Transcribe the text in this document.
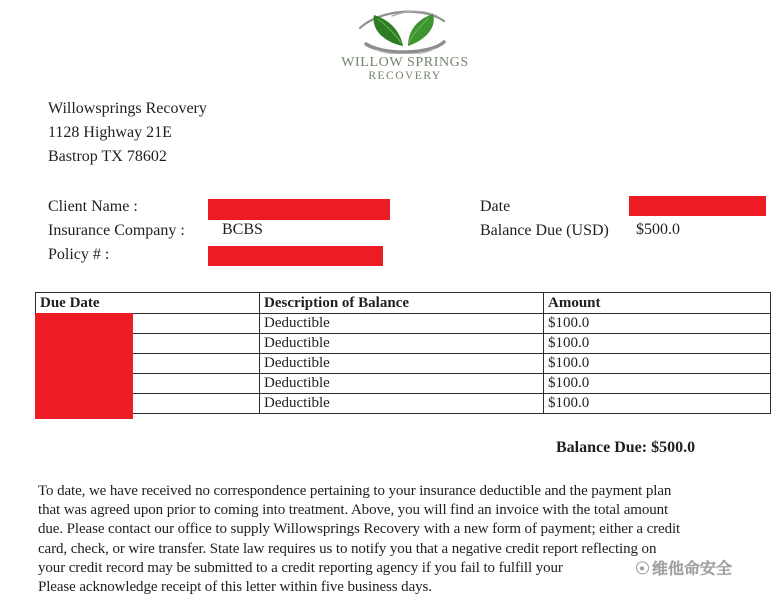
WILLOW SPRINGS
RECOVERY
Willowsprings Recovery
1128 Highway 21E
Bastrop TX 78602
Client Name :
Insurance Company : BCBS
Policy # :
Date
Balance Due (USD) $500.0
Due Date	Description of Balance	Amount
	Deductible	$100.0
	Deductible	$100.0
	Deductible	$100.0
	Deductible	$100.0
	Deductible	$100.0
Balance Due: $500.0
To date, we have received no correspondence pertaining to your insurance deductible and the payment plan
that was agreed upon prior to coming into treatment. Above, you will find an invoice with the total amount
due. Please contact our office to supply Willowsprings Recovery with a new form of payment; either a credit
card, check, or wire transfer. State law requires us to notify you that a negative credit report reflecting on
your credit record may be submitted to a credit reporting agency if you fail to fulfill your
Please acknowledge receipt of this letter within five business days.
维他命安全
